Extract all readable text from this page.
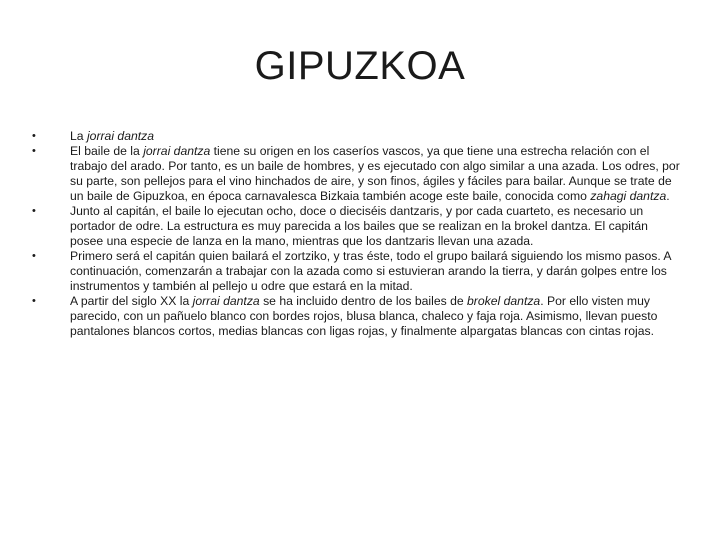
GIPUZKOA
• La jorrai dantza
• El baile de la jorrai dantza tiene su origen en los caseríos vascos, ya que tiene una estrecha relación con el trabajo del arado. Por tanto, es un baile de hombres, y es ejecutado con algo similar a una azada. Los odres, por su parte, son pellejos para el vino hinchados de aire, y son finos, ágiles y fáciles para bailar. Aunque se trate de un baile de Gipuzkoa, en época carnavalesca Bizkaia también acoge este baile, conocida como zahagi dantza.
• Junto al capitán, el baile lo ejecutan ocho, doce o dieciséis dantzaris, y por cada cuarteto, es necesario un portador de odre. La estructura es muy parecida a los bailes que se realizan en la brokel dantza. El capitán posee una especie de lanza en la mano, mientras que los dantzaris llevan una azada.
• Primero será el capitán quien bailará el zortziko, y tras éste, todo el grupo bailará siguiendo los mismo pasos. A continuación, comenzarán a trabajar con la azada como si estuvieran arando la tierra, y darán golpes entre los instrumentos y también al pellejo u odre que estará en la mitad.
• A partir del siglo XX la jorrai dantza se ha incluido dentro de los bailes de brokel dantza. Por ello visten muy parecido, con un pañuelo blanco con bordes rojos, blusa blanca, chaleco y faja roja. Asimismo, llevan puesto pantalones blancos cortos, medias blancas con ligas rojas, y finalmente alpargatas blancas con cintas rojas.
